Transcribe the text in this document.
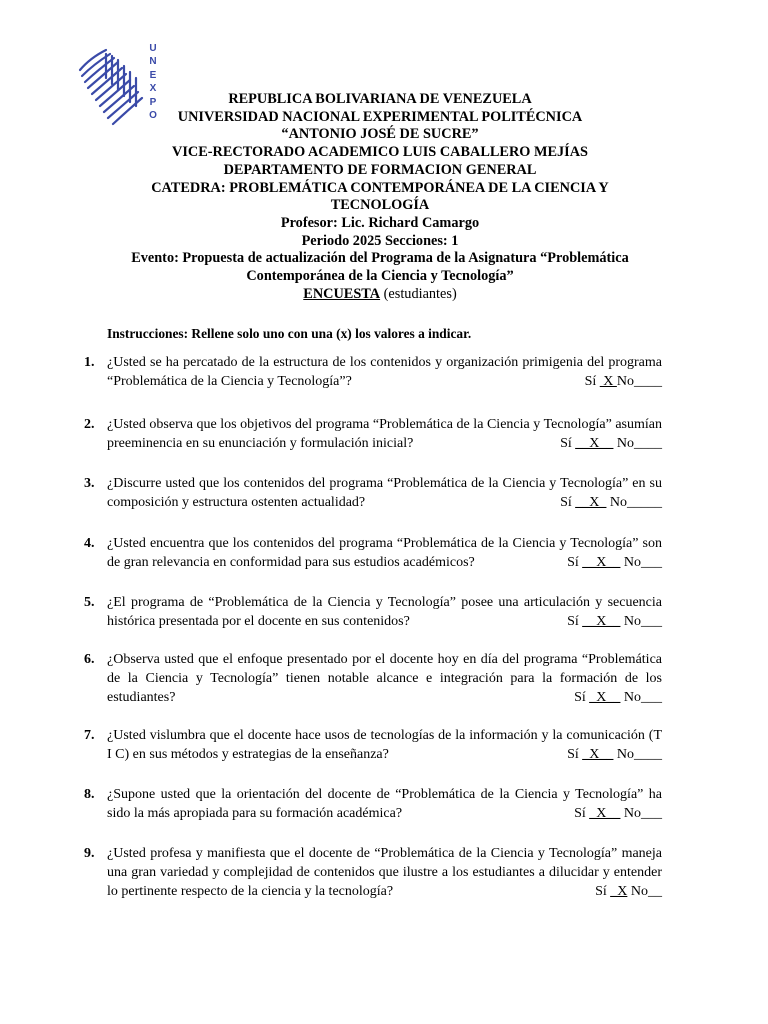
U
N
E
X
P
O
REPUBLICA BOLIVARIANA DE VENEZUELA
UNIVERSIDAD NACIONAL EXPERIMENTAL POLITÉCNICA
“ANTONIO JOSÉ DE SUCRE”
VICE-RECTORADO ACADEMICO LUIS CABALLERO MEJÍAS
DEPARTAMENTO DE FORMACION GENERAL
CATEDRA: PROBLEMÁTICA CONTEMPORÁNEA DE LA CIENCIA Y
TECNOLOGÍA
Profesor: Lic. Richard Camargo
Periodo 2025 Secciones: 1
Evento: Propuesta de actualización del Programa de la Asignatura “Problemática
Contemporánea de la Ciencia y Tecnología”
ENCUESTA (estudiantes)
Instrucciones: Rellene solo uno con una (x) los valores a indicar.
1. ¿Usted se ha percatado de la estructura de los contenidos y organización primigenia del programa “Problemática de la Ciencia y Tecnología”?	Sí  X No____
2. ¿Usted observa que los objetivos del programa “Problemática de la Ciencia y Tecnología” asumían preeminencia en su enunciación y formulación inicial?	Sí __X__ No____
3. ¿Discurre usted que los contenidos del programa “Problemática de la Ciencia y Tecnología” en su composición y estructura ostenten actualidad?	Sí __X_ No_____
4. ¿Usted encuentra que los contenidos del programa “Problemática de la Ciencia y Tecnología” son de gran relevancia en conformidad para sus estudios académicos?	Sí __X__ No___
5. ¿El programa de “Problemática de la Ciencia y Tecnología” posee una articulación y secuencia histórica presentada por el docente en sus contenidos?	Sí __X__ No___
6. ¿Observa usted que el enfoque presentado por el docente hoy en día del programa “Problemática de la Ciencia y Tecnología” tienen notable alcance e integración para la formación de los estudiantes?	Sí _X__ No___
7. ¿Usted vislumbra que el docente hace usos de tecnologías de la información y la comunicación (T I C) en sus métodos y estrategias de la enseñanza?	Sí _X__ No____
8. ¿Supone usted que la orientación del docente de “Problemática de la Ciencia y Tecnología” ha sido la más apropiada para su formación académica?	Sí _X__ No___
9. ¿Usted profesa y manifiesta que el docente de “Problemática de la Ciencia y Tecnología” maneja una gran variedad y complejidad de contenidos que ilustre a los estudiantes a dilucidar y entender lo pertinente respecto de la ciencia y la tecnología?	Sí _X No__
